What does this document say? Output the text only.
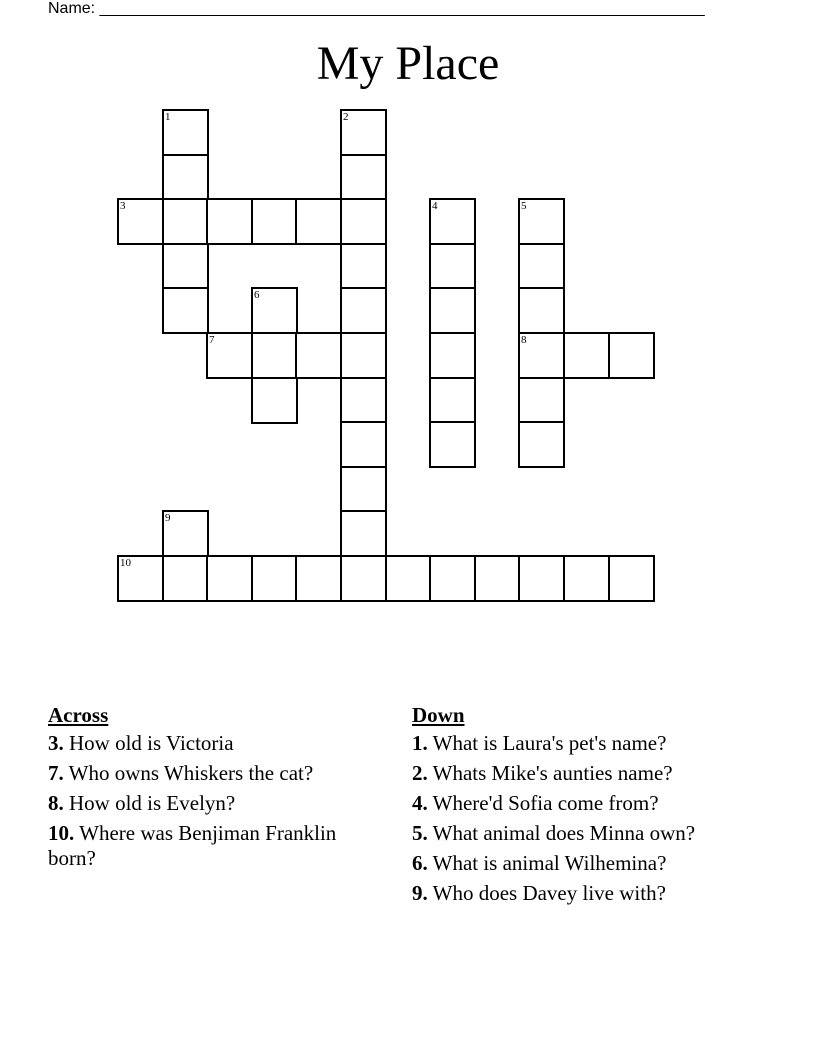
Name: ____________________________________________________________________
My Place
1	2
3	4	5
6
7	8
9
10
Across
3. How old is Victoria
7. Who owns Whiskers the cat?
8. How old is Evelyn?
10. Where was Benjiman Franklin born?
Down
1. What is Laura's pet's name?
2. Whats Mike's aunties name?
4. Where'd Sofia come from?
5. What animal does Minna own?
6. What is animal Wilhemina?
9. Who does Davey live with?
